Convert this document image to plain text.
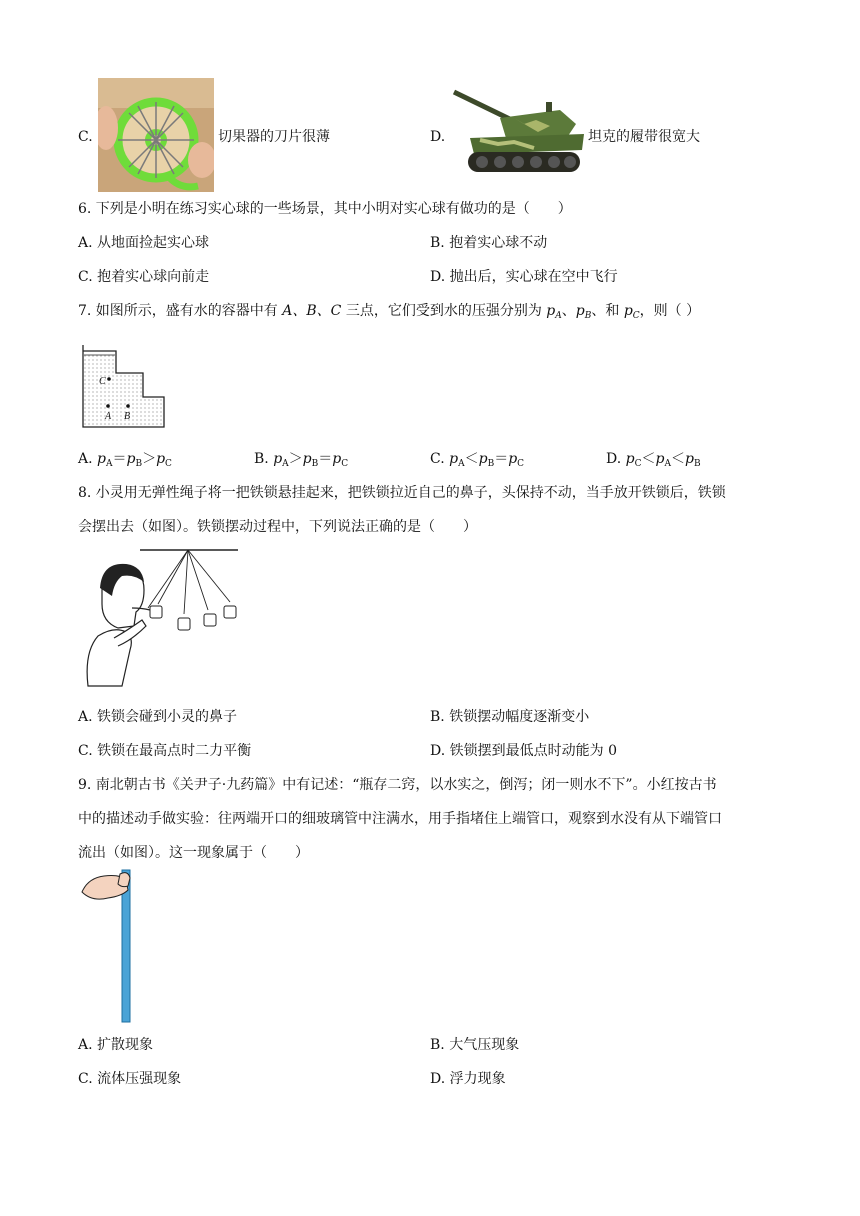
C.	切果器的刀片很薄	D.	坦克的履带很宽大
6. 下列是小明在练习实心球的一些场景，其中小明对实心球有做功的是（　　）
A. 从地面捡起实心球	B. 抱着实心球不动
C. 抱着实心球向前走	D. 抛出后，实心球在空中飞行
7. 如图所示，盛有水的容器中有 A、B、C 三点，它们受到水的压强分别为 $p_A$、$p_B$、和 $p_C$，则（ ）
C
A B
A. $p_A=p_B>p_C$	B. $p_A>p_B=p_C$	C. $p_A<p_B=p_C$	D. $p_C<p_A<p_B$
8. 小灵用无弹性绳子将一把铁锁悬挂起来，把铁锁拉近自己的鼻子，头保持不动，当手放开铁锁后，铁锁
会摆出去（如图）。铁锁摆动过程中，下列说法正确的是（　　）
A. 铁锁会碰到小灵的鼻子	B. 铁锁摆动幅度逐渐变小
C. 铁锁在最高点时二力平衡	D. 铁锁摆到最低点时动能为 0
9. 南北朝古书《关尹子·九药篇》中有记述：“瓶存二窍，以水实之，倒泻；闭一则水不下”。小红按古书
中的描述动手做实验：往两端开口的细玻璃管中注满水，用手指堵住上端管口，观察到水没有从下端管口
流出（如图）。这一现象属于（　　）
A. 扩散现象	B. 大气压现象
C. 流体压强现象	D. 浮力现象
